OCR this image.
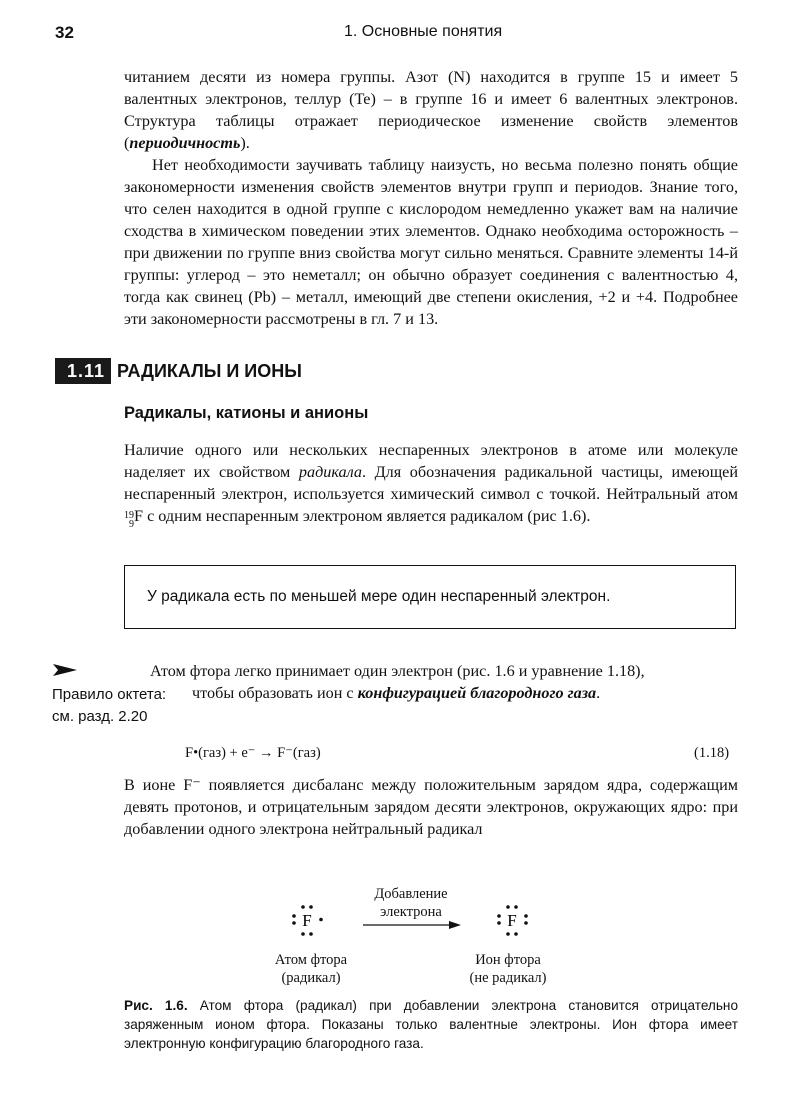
32	1. Основные понятия

читанием десяти из номера группы. Азот (N) находится в группе 15 и имеет 5 валентных электронов, теллур (Te) – в группе 16 и имеет 6 валентных электронов. Структура таблицы отражает периодическое изменение свойств элементов (периодичность).

Нет необходимости заучивать таблицу наизусть, но весьма полезно понять общие закономерности изменения свойств элементов внутри групп и периодов. Знание того, что селен находится в одной группе с кислородом немедленно укажет вам на наличие сходства в химическом поведении этих элементов. Однако необходима осторожность – при движении по группе вниз свойства могут сильно меняться. Сравните элементы 14-й группы: углерод – это неметалл; он обычно образует соединения с валентностью 4, тогда как свинец (Pb) – металл, имеющий две степени окисления, +2 и +4. Подробнее эти закономерности рассмотрены в гл. 7 и 13.

1.11 РАДИКАЛЫ И ИОНЫ
Радикалы, катионы и анионы

Наличие одного или нескольких неспаренных электронов в атоме или молекуле наделяет их свойством радикала. Для обозначения радикальной частицы, имеющей неспаренный электрон, используется химический символ с точкой. Нейтральный атом
19
9 F с одним неспаренным электроном является радикалом (рис 1.6).

У радикала есть по меньшей мере один неспаренный электрон.
Правило октета:
см. разд. 2.20
Атом фтора легко принимает один электрон (рис. 1.6 и уравнение 1.18),
чтобы образовать ион с конфигурацией благородного газа.
F•(газ) + e⁻ → F⁻(газ)	(1.18)

В ионе F⁻ появляется дисбаланс между положительным зарядом ядра, содержащим девять протонов, и отрицательным зарядом десяти электронов, окружающих ядро: при добавлении одного электрона нейтральный радикал

Добавление
электрона
F	F
Атом фтора
(радикал)
Ион фтора
(не радикал)
Рис. 1.6. Атом фтора (радикал) при добавлении электрона становится отрицательно заряженным ионом фтора. Показаны только валентные электроны. Ион фтора имеет электронную конфигурацию благородного газа.
